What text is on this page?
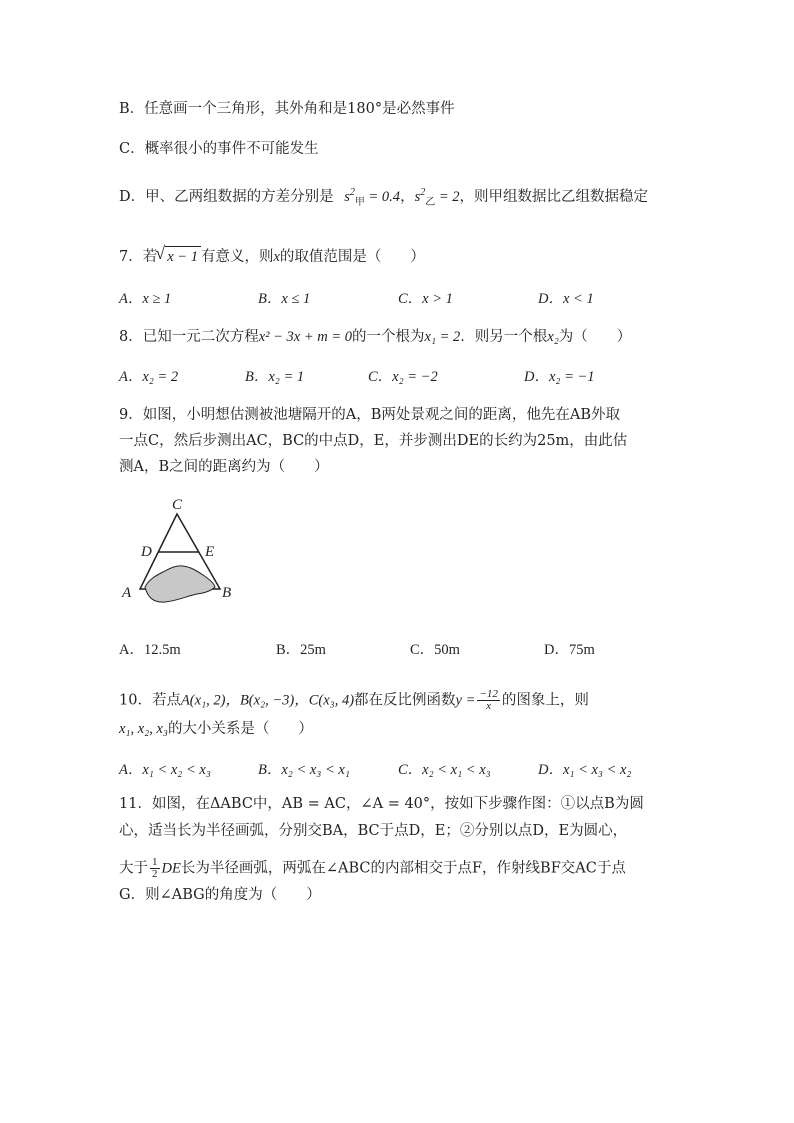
B．任意画一个三角形，其外角和是180°是必然事件
C．概率很小的事件不可能发生
D．甲、乙两组数据的方差分别是 $s^2_甲 = 0.4$，$s^2_乙 = 2$，则甲组数据比乙组数据稳定
7．若√ x − 1 有意义，则x的取值范围是（　　）
A．x ≥ 1	B．x ≤ 1	C．x > 1	D．x < 1
8．已知一元二次方程x² − 3x + m = 0的一个根为x₁ = 2．则另一个根x₂为（　　）
A．x₂ = 2	B．x₂ = 1	C．x₂ = −2	D．x₂ = −1
9．如图，小明想估测被池塘隔开的A，B两处景观之间的距离，他先在AB外取
一点C，然后步测出AC，BC的中点D，E，并步测出DE的长约为25m，由此估
测A，B之间的距离约为（　　）
C
D	E
A	B
A．12.5m	B．25m	C．50m	D．75m
10．若点A(x₁, 2)，B(x₂, −3)，C(x₃, 4)都在反比例函数$y = \frac{-12}{x}$ 的图象上，则
x₁, x₂, x₃的大小关系是（　　）
A．x₁ < x₂ < x₃	B．x₂ < x₃ < x₁	C．x₂ < x₁ < x₃	D．x₁ < x₃ < x₂
11．如图，在ΔABC中，AB = AC，∠A = 40°，按如下步骤作图：①以点B为圆
心，适当长为半径画弧，分别交BA，BC于点D，E；②分别以点D，E为圆心，
大于 $\frac{1}{2}$ DE长为半径画弧，两弧在∠ABC的内部相交于点F，作射线BF交AC于点
G．则∠ABG的角度为（　　）
